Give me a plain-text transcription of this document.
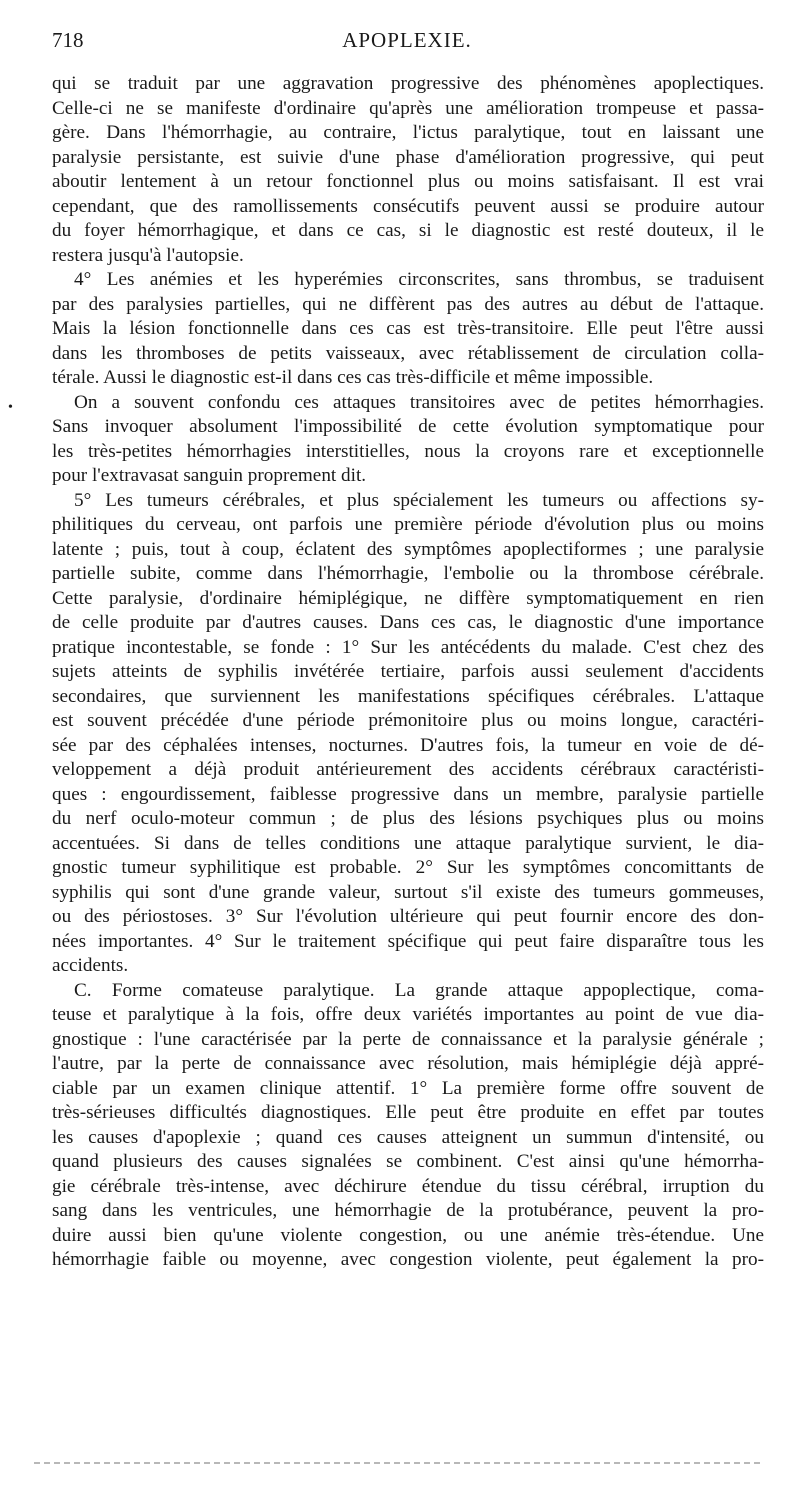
718	APOPLEXIE.
•
qui se traduit par une aggravation progressive des phénomènes apoplectiques.
Celle-ci ne se manifeste d'ordinaire qu'après une amélioration trompeuse et passa-
gère. Dans l'hémorrhagie, au contraire, l'ictus paralytique, tout en laissant une
paralysie persistante, est suivie d'une phase d'amélioration progressive, qui peut
aboutir lentement à un retour fonctionnel plus ou moins satisfaisant. Il est vrai
cependant, que des ramollissements consécutifs peuvent aussi se produire autour
du foyer hémorrhagique, et dans ce cas, si le diagnostic est resté douteux, il le
restera jusqu'à l'autopsie.
4° Les anémies et les hyperémies circonscrites, sans thrombus, se traduisent
par des paralysies partielles, qui ne diffèrent pas des autres au début de l'attaque.
Mais la lésion fonctionnelle dans ces cas est très-transitoire. Elle peut l'être aussi
dans les thromboses de petits vaisseaux, avec rétablissement de circulation colla-
térale. Aussi le diagnostic est-il dans ces cas très-difficile et même impossible.
On a souvent confondu ces attaques transitoires avec de petites hémorrhagies.
Sans invoquer absolument l'impossibilité de cette évolution symptomatique pour
les très-petites hémorrhagies interstitielles, nous la croyons rare et exceptionnelle
pour l'extravasat sanguin proprement dit.
5° Les tumeurs cérébrales, et plus spécialement les tumeurs ou affections sy-
philitiques du cerveau, ont parfois une première période d'évolution plus ou moins
latente ; puis, tout à coup, éclatent des symptômes apoplectiformes ; une paralysie
partielle subite, comme dans l'hémorrhagie, l'embolie ou la thrombose cérébrale.
Cette paralysie, d'ordinaire hémiplégique, ne diffère symptomatiquement en rien
de celle produite par d'autres causes. Dans ces cas, le diagnostic d'une importance
pratique incontestable, se fonde : 1° Sur les antécédents du malade. C'est chez des
sujets atteints de syphilis invétérée tertiaire, parfois aussi seulement d'accidents
secondaires, que surviennent les manifestations spécifiques cérébrales. L'attaque
est souvent précédée d'une période prémonitoire plus ou moins longue, caractéri-
sée par des céphalées intenses, nocturnes. D'autres fois, la tumeur en voie de dé-
veloppement a déjà produit antérieurement des accidents cérébraux caractéristi-
ques : engourdissement, faiblesse progressive dans un membre, paralysie partielle
du nerf oculo-moteur commun ; de plus des lésions psychiques plus ou moins
accentuées. Si dans de telles conditions une attaque paralytique survient, le dia-
gnostic tumeur syphilitique est probable. 2° Sur les symptômes concomittants de
syphilis qui sont d'une grande valeur, surtout s'il existe des tumeurs gommeuses,
ou des périostoses. 3° Sur l'évolution ultérieure qui peut fournir encore des don-
nées importantes. 4° Sur le traitement spécifique qui peut faire disparaître tous les
accidents.
C. Forme comateuse paralytique. La grande attaque appoplectique, coma-
teuse et paralytique à la fois, offre deux variétés importantes au point de vue dia-
gnostique : l'une caractérisée par la perte de connaissance et la paralysie générale ;
l'autre, par la perte de connaissance avec résolution, mais hémiplégie déjà appré-
ciable par un examen clinique attentif. 1° La première forme offre souvent de
très-sérieuses difficultés diagnostiques. Elle peut être produite en effet par toutes
les causes d'apoplexie ; quand ces causes atteignent un summun d'intensité, ou
quand plusieurs des causes signalées se combinent. C'est ainsi qu'une hémorrha-
gie cérébrale très-intense, avec déchirure étendue du tissu cérébral, irruption du
sang dans les ventricules, une hémorrhagie de la protubérance, peuvent la pro-
duire aussi bien qu'une violente congestion, ou une anémie très-étendue. Une
hémorrhagie faible ou moyenne, avec congestion violente, peut également la pro-
